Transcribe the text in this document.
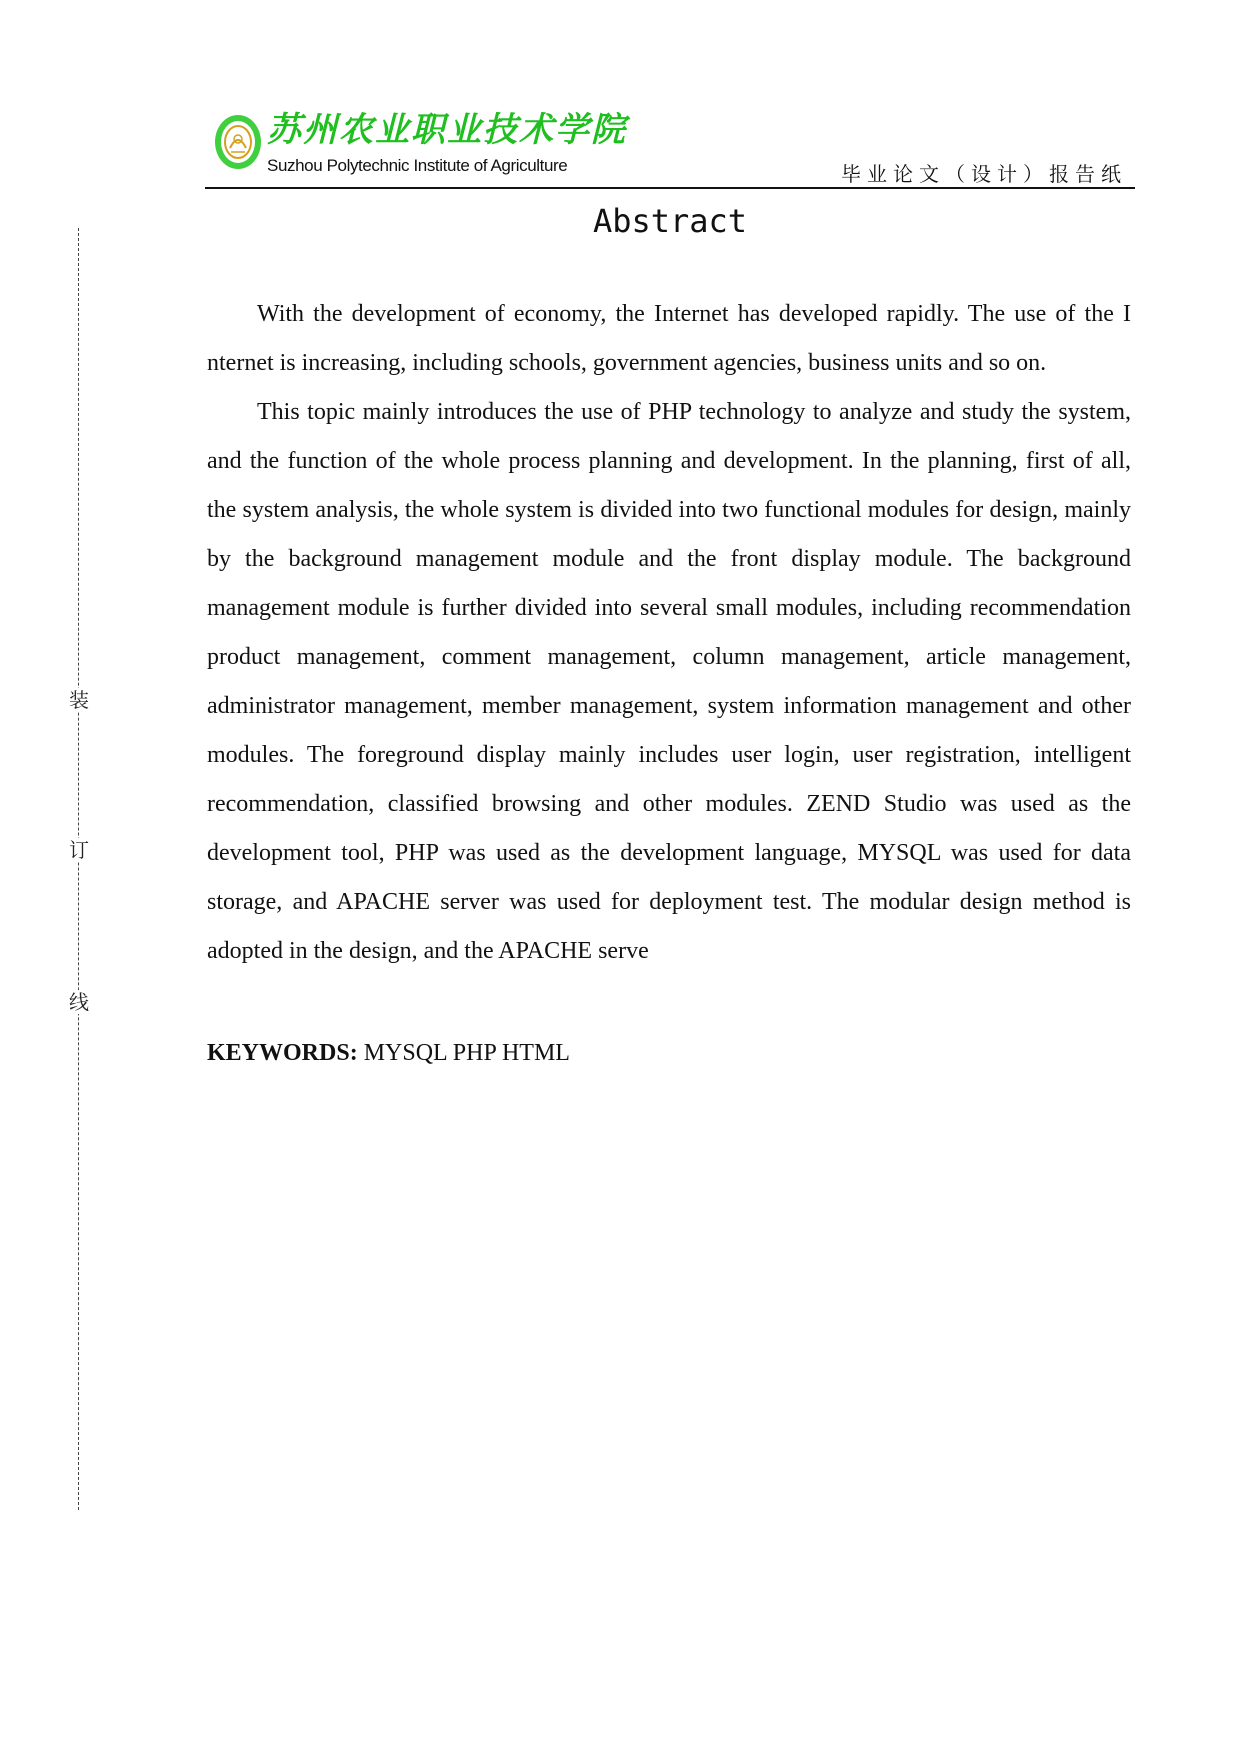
装
订
线
苏州农业职业技术学院
Suzhou Polytechnic Institute of Agriculture	毕业论文（设计）报告纸
Abstract

With the development of economy, the Internet has developed rapidly. The use of the I nternet is increasing, including schools, government agencies, business units and so on.

This topic mainly introduces the use of PHP technology to analyze and study the system, and the function of the whole process planning and development. In the planning, first of all, the system analysis, the whole system is divided into two functional modules for design, mainly by the background management module and the front display module. The background management module is further divided into several small modules, including recommendation product management, comment management, column management, article management, administrator management, member management, system information management and other modules. The foreground display mainly includes user login, user registration, intelligent recommendation, classified browsing and other modules. ZEND Studio was used as the development tool, PHP was used as the development language, MYSQL was used for data storage, and APACHE server was used for deployment test. The modular design method is adopted in the design, and the APACHE serve

KEYWORDS: MYSQL PHP HTML
